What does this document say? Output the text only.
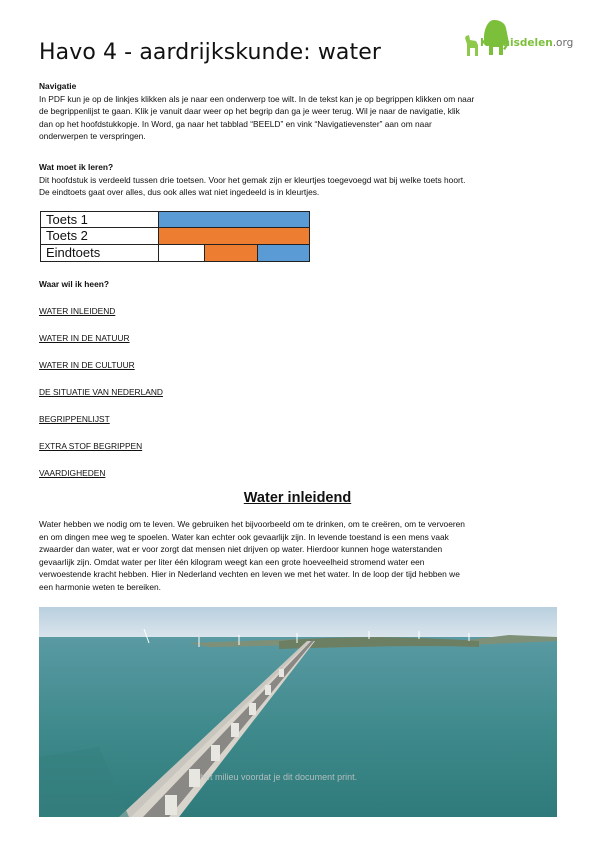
Havo 4 - aardrijkskunde: water	Kennisdelen.org

Navigatie

In PDF kun je op de linkjes klikken als je naar een onderwerp toe wilt. In de tekst kan je op begrippen klikken om naar

de begrippenlijst te gaan. Klik je vanuit daar weer op het begrip dan ga je weer terug. Wil je naar de navigatie, klik

dan op het hoofdstukkopje. In Word, ga naar het tabblad “BEELD” en vink “Navigatievenster” aan om naar

onderwerpen te verspringen.

Wat moet ik leren?

Dit hoofdstuk is verdeeld tussen drie toetsen. Voor het gemak zijn er kleurtjes toegevoegd wat bij welke toets hoort.

De eindtoets gaat over alles, dus ook alles wat niet ingedeeld is in kleurtjes.

Toets 1
Toets 2
Eindtoets

Waar wil ik heen?

WATER INLEIDEND
WATER IN DE NATUUR
WATER IN DE CULTUUR
DE SITUATIE VAN NEDERLAND
BEGRIPPENLIJST
EXTRA STOF BEGRIPPEN
VAARDIGHEDEN
Water inleidend

Water hebben we nodig om te leven. We gebruiken het bijvoorbeeld om te drinken, om te creëren, om te vervoeren

en om dingen mee weg te spoelen. Water kan echter ook gevaarlijk zijn. In levende toestand is een mens vaak

zwaarder dan water, wat er voor zorgt dat mensen niet drijven op water. Hierdoor kunnen hoge waterstanden

gevaarlijk zijn. Omdat water per liter één kilogram weegt kan een grote hoeveelheid stromend water een

verwoestende kracht hebben. Hier in Nederland vechten en leven we met het water. In de loop der tijd hebben we

een harmonie weten te bereiken.

het milieu voordat je dit document print.
